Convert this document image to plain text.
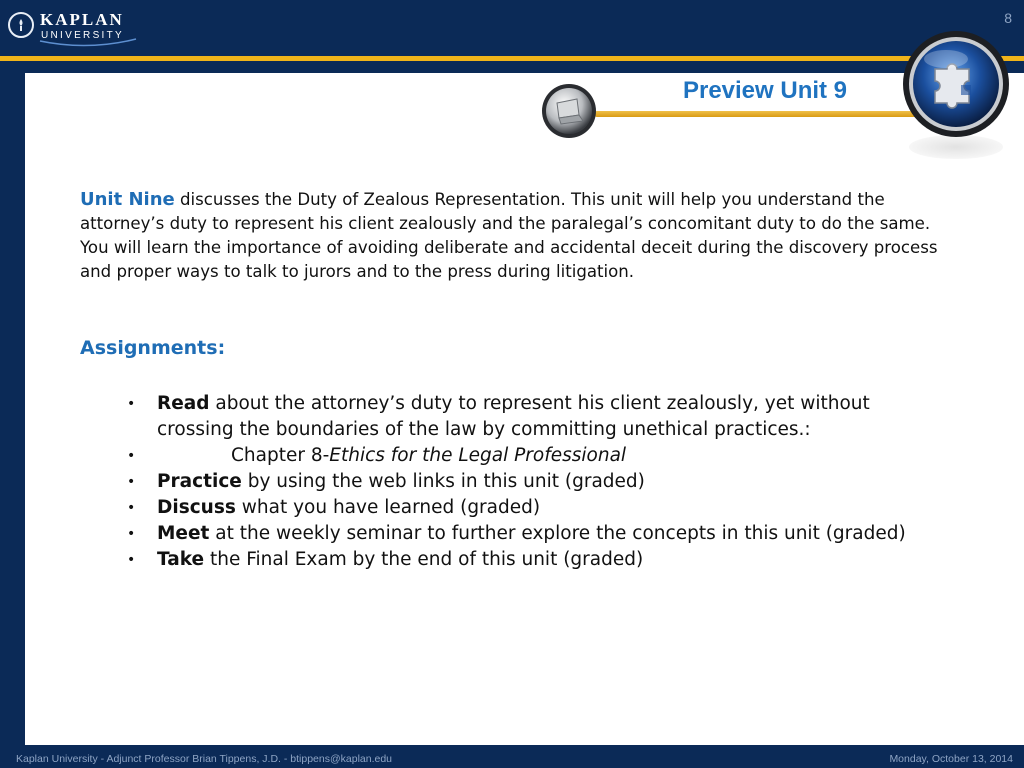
KAPLAN
UNIVERSITY
8
Preview Unit 9
Unit Nine discusses the Duty of Zealous Representation. This unit will help you understand the attorney’s duty to represent his client zealously and the paralegal’s concomitant duty to do the same. You will learn the importance of avoiding deliberate and accidental deceit during the discovery process and proper ways to talk to jurors and to the press during litigation.
Assignments:
• Read about the attorney’s duty to represent his client zealously, yet without crossing the boundaries of the law by committing unethical practices.:
•	Chapter 8-Ethics for the Legal Professional
• Practice by using the web links in this unit (graded)
• Discuss what you have learned (graded)
• Meet at the weekly seminar to further explore the concepts in this unit (graded)
• Take the Final Exam by the end of this unit (graded)
Kaplan University - Adjunct Professor Brian Tippens, J.D. - btippens@kaplan.edu	Monday, October 13, 2014
